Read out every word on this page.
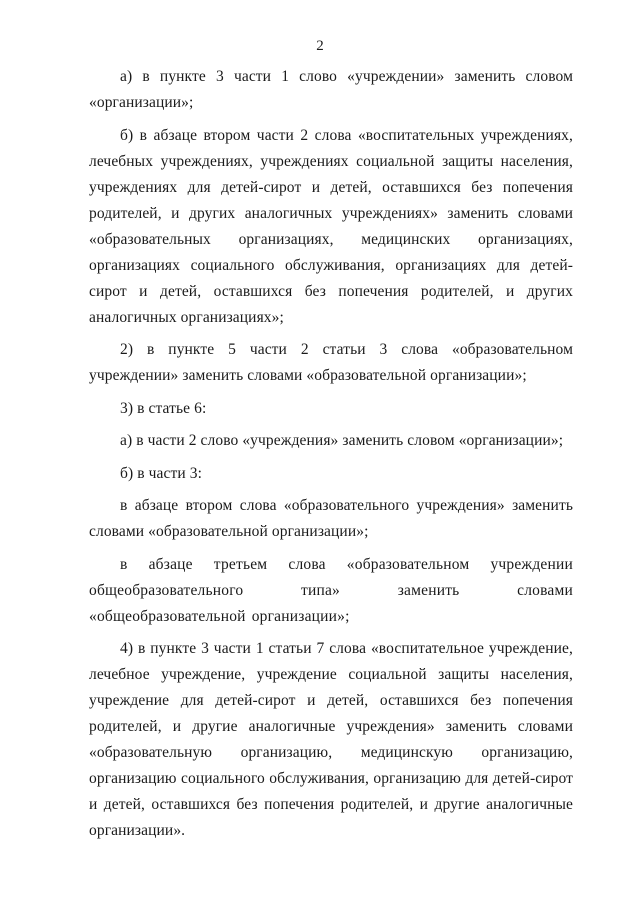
2

а) в пункте 3 части 1 слово «учреждении» заменить словом «организации»;

б) в абзаце втором части 2 слова «воспитательных учреждениях, лечебных учреждениях, учреждениях социальной защиты населения, учреждениях для детей-сирот и детей, оставшихся без попечения родителей, и других аналогичных учреждениях» заменить словами «образовательных организациях, медицинских организациях, организациях социального обслуживания, организациях для детей-сирот и детей, оставшихся без попечения родителей, и других аналогичных организациях»;

2) в пункте 5 части 2 статьи 3 слова «образовательном учреждении» заменить словами «образовательной организации»;

3) в статье 6:

а) в части 2 слово «учреждения» заменить словом «организации»;

б) в части 3:

в абзаце втором слова «образовательного учреждения» заменить словами «образовательной организации»;

в абзаце третьем слова «образовательном учреждении общеобразовательного типа» заменить словами «общеобразовательной организации»;

4) в пункте 3 части 1 статьи 7 слова «воспитательное учреждение, лечебное учреждение, учреждение социальной защиты населения, учреждение для детей-сирот и детей, оставшихся без попечения родителей, и другие аналогичные учреждения» заменить словами «образовательную организацию, медицинскую организацию, организацию социального обслуживания, организацию для детей-сирот и детей, оставшихся без попечения родителей, и другие аналогичные организации».
